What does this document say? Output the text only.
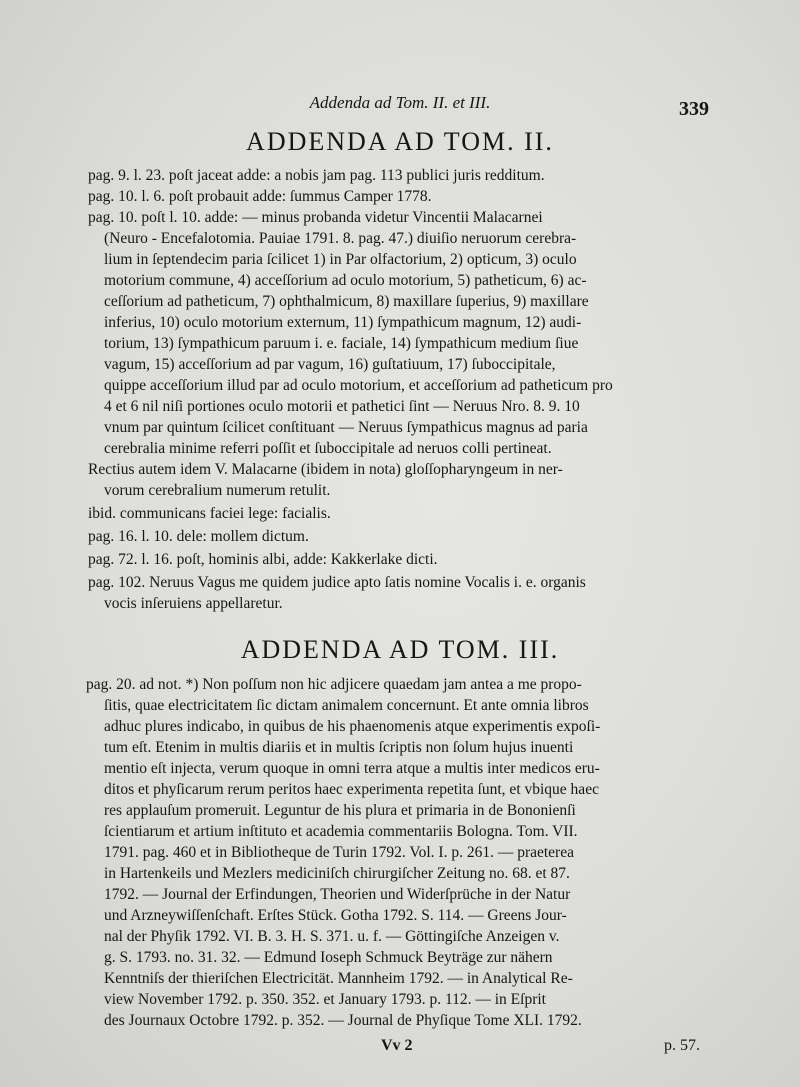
Addenda ad Tom. II. et III.	339
ADDENDA AD TOM. II.
pag. 9. l. 23. poſt jaceat adde: a nobis jam pag. 113 publici juris redditum.
pag. 10. l. 6. poſt probauit adde: ſummus Camper 1778.
pag. 10. poſt l. 10. adde: — minus probanda videtur Vincentii Malacarnei
(Neuro - Encefalotomia. Pauiae 1791. 8. pag. 47.) diuiſio neruorum cerebra-
lium in ſeptendecim paria ſcilicet 1) in Par olfactorium, 2) opticum, 3) oculo
motorium commune, 4) acceſſorium ad oculo motorium, 5) patheticum, 6) ac-
ceſſorium ad patheticum, 7) ophthalmicum, 8) maxillare ſuperius, 9) maxillare
inferius, 10) oculo motorium externum, 11) ſympathicum magnum, 12) audi-
torium, 13) ſympathicum paruum i. e. faciale, 14) ſympathicum medium ſiue
vagum, 15) acceſſorium ad par vagum, 16) guſtatiuum, 17) ſuboccipitale,
quippe acceſſorium illud par ad oculo motorium, et acceſſorium ad patheticum pro
4 et 6 nil niſi portiones oculo motorii et pathetici ſint — Neruus Nro. 8. 9. 10
vnum par quintum ſcilicet conſtituant — Neruus ſympathicus magnus ad paria
cerebralia minime referri poſſit et ſuboccipitale ad neruos colli pertineat.
Rectius autem idem V. Malacarne (ibidem in nota) gloſſopharyngeum in ner-
vorum cerebralium numerum retulit.
ibid. communicans faciei lege: facialis.
pag. 16. l. 10. dele: mollem dictum.
pag. 72. l. 16. poſt, hominis albi, adde: Kakkerlake dicti.
pag. 102. Neruus Vagus me quidem judice apto ſatis nomine Vocalis i. e. organis
vocis inſeruiens appellaretur.
ADDENDA AD TOM. III.
pag. 20. ad not. *) Non poſſum non hic adjicere quaedam jam antea a me propo-
ſitis, quae electricitatem ſic dictam animalem concernunt. Et ante omnia libros
adhuc plures indicabo, in quibus de his phaenomenis atque experimentis expoſi-
tum eſt. Etenim in multis diariis et in multis ſcriptis non ſolum hujus inuenti
mentio eſt injecta, verum quoque in omni terra atque a multis inter medicos eru-
ditos et phyſicarum rerum peritos haec experimenta repetita ſunt, et vbique haec
res applauſum promeruit. Leguntur de his plura et primaria in de Bononienſi
ſcientiarum et artium inſtituto et academia commentariis Bologna. Tom. VII.
1791. pag. 460 et in Bibliotheque de Turin 1792. Vol. I. p. 261. — praeterea
in Hartenkeils und Mezlers mediciniſch chirurgiſcher Zeitung no. 68. et 87.
1792. — Journal der Erfindungen, Theorien und Widerſprüche in der Natur
und Arzneywiſſenſchaft. Erſtes Stück. Gotha 1792. S. 114. — Greens Jour-
nal der Phyſik 1792. VI. B. 3. H. S. 371. u. f. — Göttingiſche Anzeigen v.
g. S. 1793. no. 31. 32. — Edmund Ioseph Schmuck Beyträge zur nähern
Kenntniſs der thieriſchen Electricität. Mannheim 1792. — in Analytical Re-
view November 1792. p. 350. 352. et January 1793. p. 112. — in Eſprit
des Journaux Octobre 1792. p. 352. — Journal de Phyſique Tome XLI. 1792.
Vv 2	p. 57.
